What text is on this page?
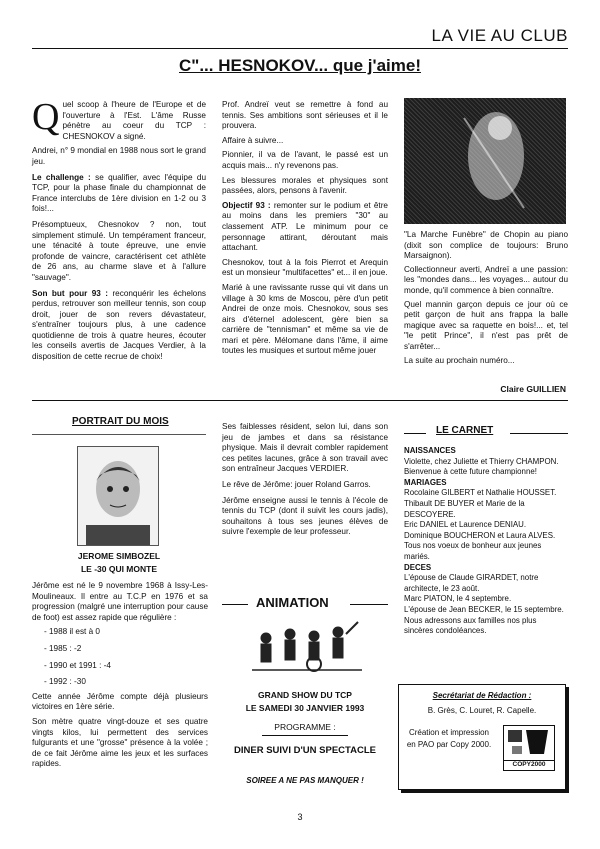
LA VIE AU CLUB
C"... HESNOKOV... que j'aime!

Quel scoop à l'heure de l'Europe et de l'ouverture à l'Est. L'âme Russe pénètre au coeur du TCP : CHESNOKOV a signé.

Andrei, n° 9 mondial en 1988 nous sort le grand jeu.

Le challenge : se qualifier, avec l'équipe du TCP, pour la phase finale du championnat de France interclubs de 1ère division en 1-2 ou 3 fois!...

Présomptueux, Chesnokov ? non, tout simplement stimulé. Un tempérament franceur, une ténacité à toute épreuve, une envie profonde de vaincre, caractérisent cet athlète de 26 ans, au charme slave et à l'allure "sauvage".

Son but pour 93 : reconquérir les échelons perdus, retrouver son meilleur tennis, son coup droit, jouer de son revers dévastateur, s'entraîner toujours plus, à une cadence quotidienne de trois à quatre heures, écouter les conseils avertis de Jacques Verdier, à la disposition de cette recrue de choix!

Prof. Andreï veut se remettre à fond au tennis. Ses ambitions sont sérieuses et il le prouvera.

Affaire à suivre...

Pionnier, il va de l'avant, le passé est un acquis mais... n'y revenons pas.

Les blessures morales et physiques sont passées, alors, pensons à l'avenir.

Objectif 93 : remonter sur le podium et être au moins dans les premiers "30" au classement ATP. Le minimum pour ce personnage attirant, déroutant mais attachant.

Chesnokov, tout à la fois Pierrot et Arequin est un monsieur "multifacettes" et... il en joue.

Marié à une ravissante russe qui vit dans un village à 30 kms de Moscou, père d'un petit Andrei de onze mois. Chesnokov, sous ses airs d'éternel adolescent, gère bien sa carrière de "tennisman" et même sa vie de mari et père. Mélomane dans l'âme, il aime toutes les musiques et surtout même jouer

"La Marche Funèbre" de Chopin au piano (dixit son complice de toujours: Bruno Marsaignon).

Collectionneur averti, Andreï a une passion: les "mondes dans... les voyages... autour du monde, qu'il commence à bien connaître.

Quel mannin garçon depuis ce jour où ce petit garçon de huit ans frappa la balle magique avec sa raquette en bois!... et, tel "le petit Prince", il n'est pas prêt de s'arrêter...

La suite au prochain numéro...

Claire GUILLIEN
PORTRAIT DU MOIS
JEROME SIMBOZEL
LE -30 QUI MONTE

Jérôme est né le 9 novembre 1968 à Issy-Les-Moulineaux. Il entre au T.C.P en 1976 et sa progression (malgré une interruption pour cause de foot) est assez rapide que régulière :

- 1988 il est à 0

- 1985 : -2

- 1990 et 1991 : -4

- 1992 : -30

Cette année Jérôme compte déjà plusieurs victoires en 1ère série.

Son mètre quatre vingt-douze et ses quatre vingts kilos, lui permettent des services fulgurants et une "grosse" présence à la volée ; de ce fait Jérôme aime les jeux et les surfaces rapides.

Ses faiblesses résident, selon lui, dans son jeu de jambes et dans sa résistance physique. Mais il devrait combler rapidement ces petites lacunes, grâce à son travail avec son entraîneur Jacques VERDIER.

Le rêve de Jérôme: jouer Roland Garros.

Jérôme enseigne aussi le tennis à l'école de tennis du TCP (dont il suivit les cours jadis), souhaitons à tous ses jeunes élèves de suivre l'exemple de leur professeur.

ANIMATION
GRAND SHOW DU TCP
LE SAMEDI 30 JANVIER 1993
PROGRAMME :
DINER SUIVI D'UN SPECTACLE
SOIREE A NE PAS MANQUER !
LE CARNET

NAISSANCES

Violette, chez Juliette et Thierry CHAMPON.

Bienvenue à cette future championne!

MARIAGES

Rocolaine GILBERT et Nathalie HOUSSET.

Thibault DE BUYER et Marie de la DESCOYERE.

Eric DANIEL et Laurence DENIAU.

Dominique BOUCHERON et Laura ALVES.

Tous nos voeux de bonheur aux jeunes mariés.

DECES

L'épouse de Claude GIRARDET, notre architecte, le 23 août.

Marc PIATON, le 4 septembre.

L'épouse de Jean BECKER, le 15 septembre.

Nous adressons aux familles nos plus sincères condoléances.

Secrétariat de Rédaction :
B. Grès, C. Louret, R. Capelle.
Création et impression en PAO par Copy 2000.
COPY2000
3
